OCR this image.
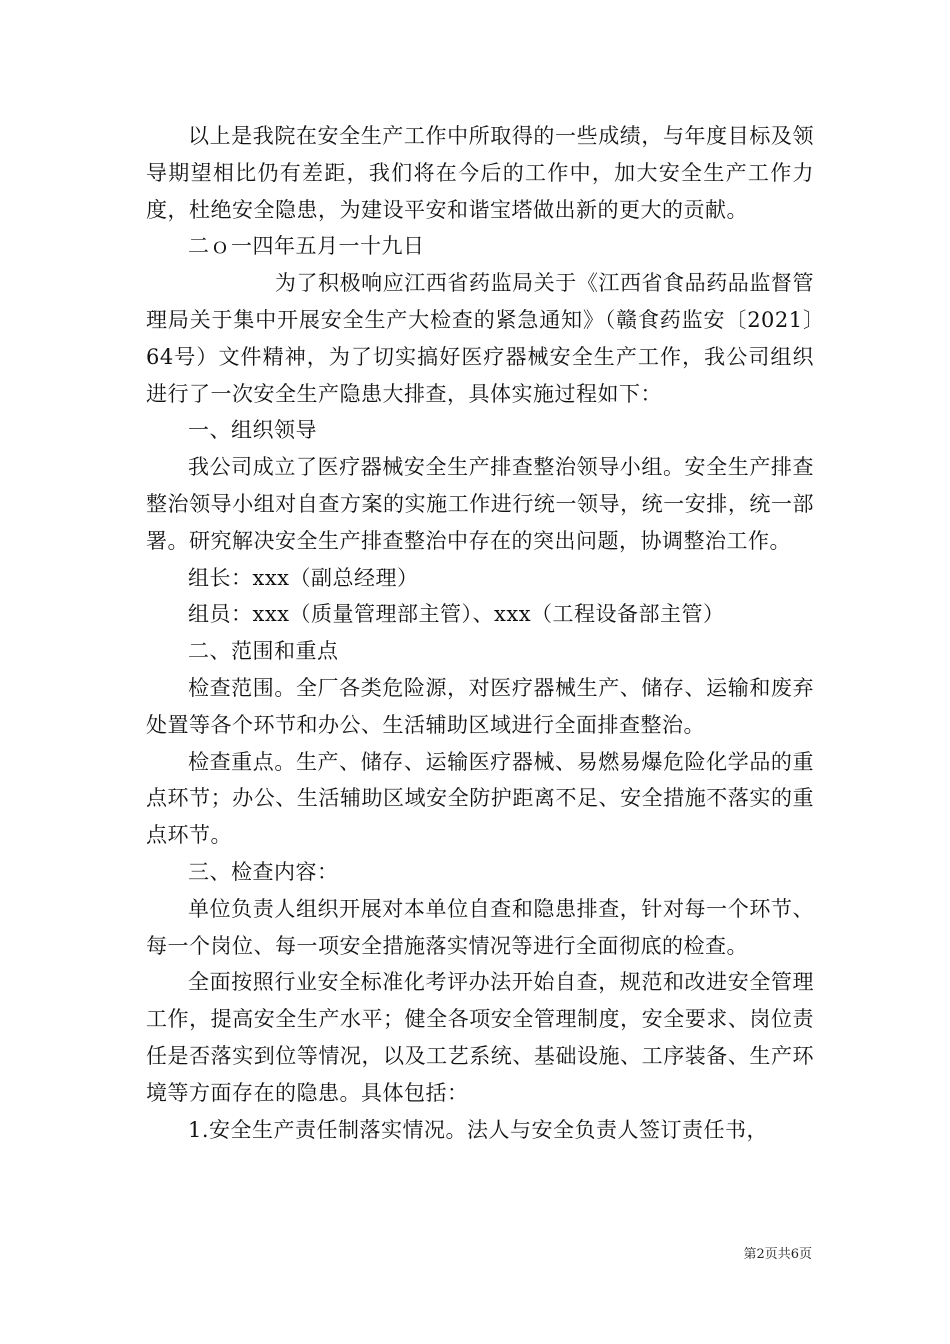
以上是我院在安全生产工作中所取得的一些成绩，与年度目标及领导期望相比仍有差距，我们将在今后的工作中，加大安全生产工作力度，杜绝安全隐患，为建设平安和谐宝塔做出新的更大的贡献。

二ｏ一四年五月一十九日

为了积极响应江西省药监局关于《江西省食品药品监督管理局关于集中开展安全生产大检查的紧急通知》（赣食药监安〔2021〕64号）文件精神，为了切实搞好医疗器械安全生产工作，我公司组织进行了一次安全生产隐患大排查，具体实施过程如下：

一、组织领导

我公司成立了医疗器械安全生产排查整治领导小组。安全生产排查整治领导小组对自查方案的实施工作进行统一领导，统一安排，统一部署。研究解决安全生产排查整治中存在的突出问题，协调整治工作。

组长：xxx（副总经理）

组员：xxx（质量管理部主管）、xxx（工程设备部主管）

二、范围和重点

检查范围。全厂各类危险源，对医疗器械生产、储存、运输和废弃处置等各个环节和办公、生活辅助区域进行全面排查整治。

检查重点。生产、储存、运输医疗器械、易燃易爆危险化学品的重点环节；办公、生活辅助区域安全防护距离不足、安全措施不落实的重点环节。

三、检查内容：

单位负责人组织开展对本单位自查和隐患排查，针对每一个环节、每一个岗位、每一项安全措施落实情况等进行全面彻底的检查。

全面按照行业安全标准化考评办法开始自查，规范和改进安全管理工作，提高安全生产水平；健全各项安全管理制度，安全要求、岗位责任是否落实到位等情况，以及工艺系统、基础设施、工序装备、生产环境等方面存在的隐患。具体包括：

1.安全生产责任制落实情况。法人与安全负责人签订责任书，

第2页共6页
